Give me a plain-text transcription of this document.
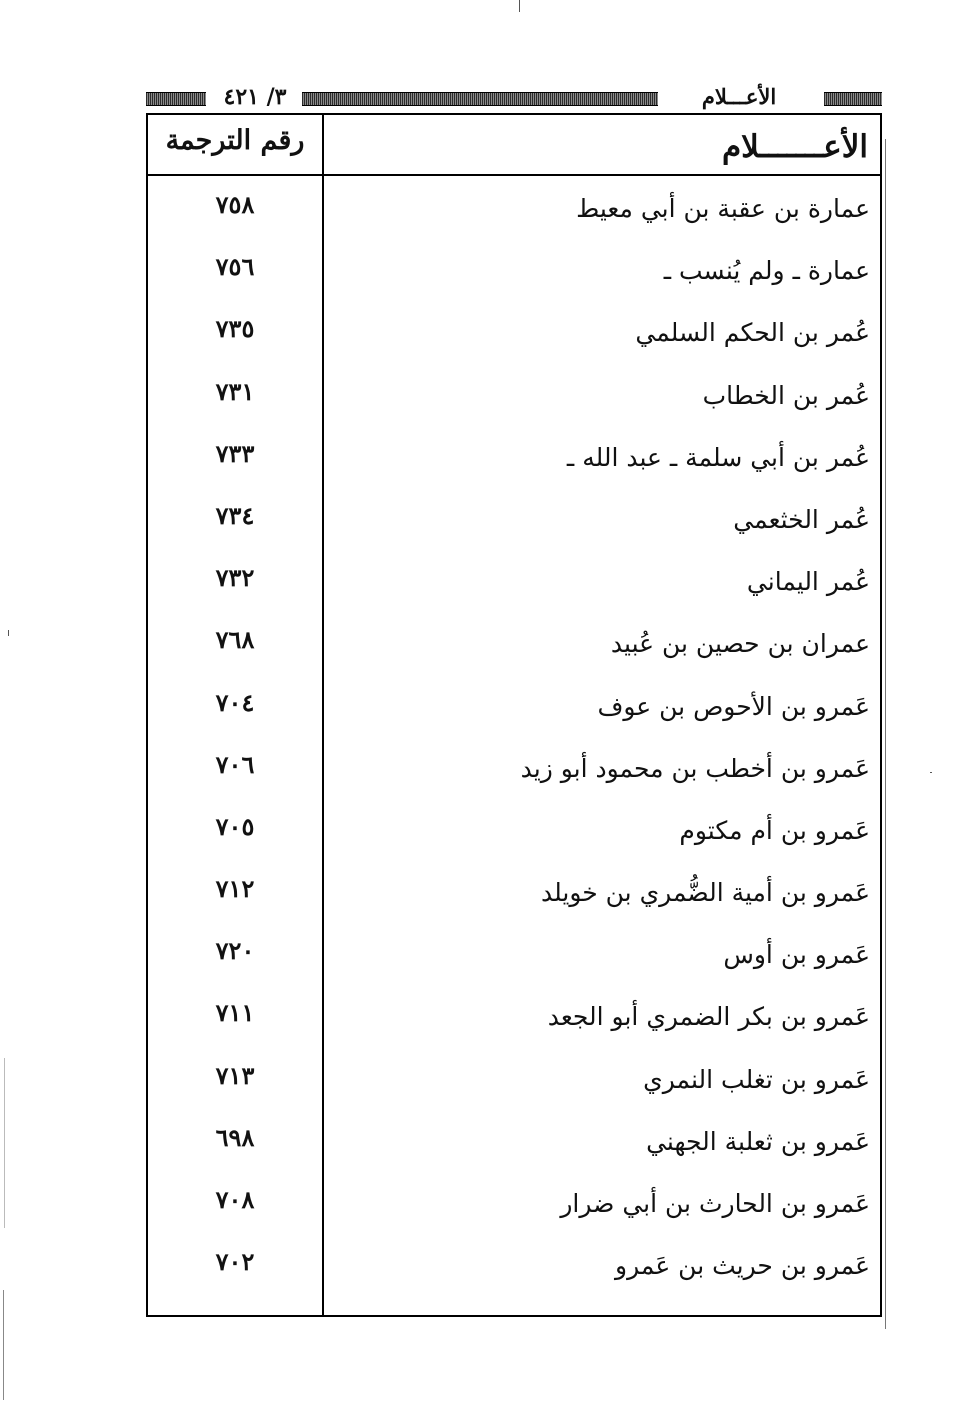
٣/ ٤٢١	الأعـــلام
رقم الترجمة	الأعـــــــلام
٧٥٨	عمارة بن عقبة بن أبي معيط
٧٥٦	عمارة ـ ولم يُنسب ـ
٧٣٥	عُمر بن الحكم السلمي
٧٣١	عُمر بن الخطاب
٧٣٣	عُمر بن أبي سلمة ـ عبد الله ـ
٧٣٤	عُمر الخثعمي
٧٣٢	عُمر اليماني
٧٦٨	عمران بن حصين بن عُبيد
٧٠٤	عَمرو بن الأحوص بن عوف
٧٠٦	عَمرو بن أخطب بن محمود أبو زيد
٧٠٥	عَمرو بن أم مكتوم
٧١٢	عَمرو بن أمية الضُّمري بن خويلد
٧٢٠	عَمرو بن أوس
٧١١	عَمرو بن بكر الضمري أبو الجعد
٧١٣	عَمرو بن تغلب النمري
٦٩٨	عَمرو بن ثعلبة الجهني
٧٠٨	عَمرو بن الحارث بن أبي ضرار
٧٠٢	عَمرو بن حريث بن عَمرو
